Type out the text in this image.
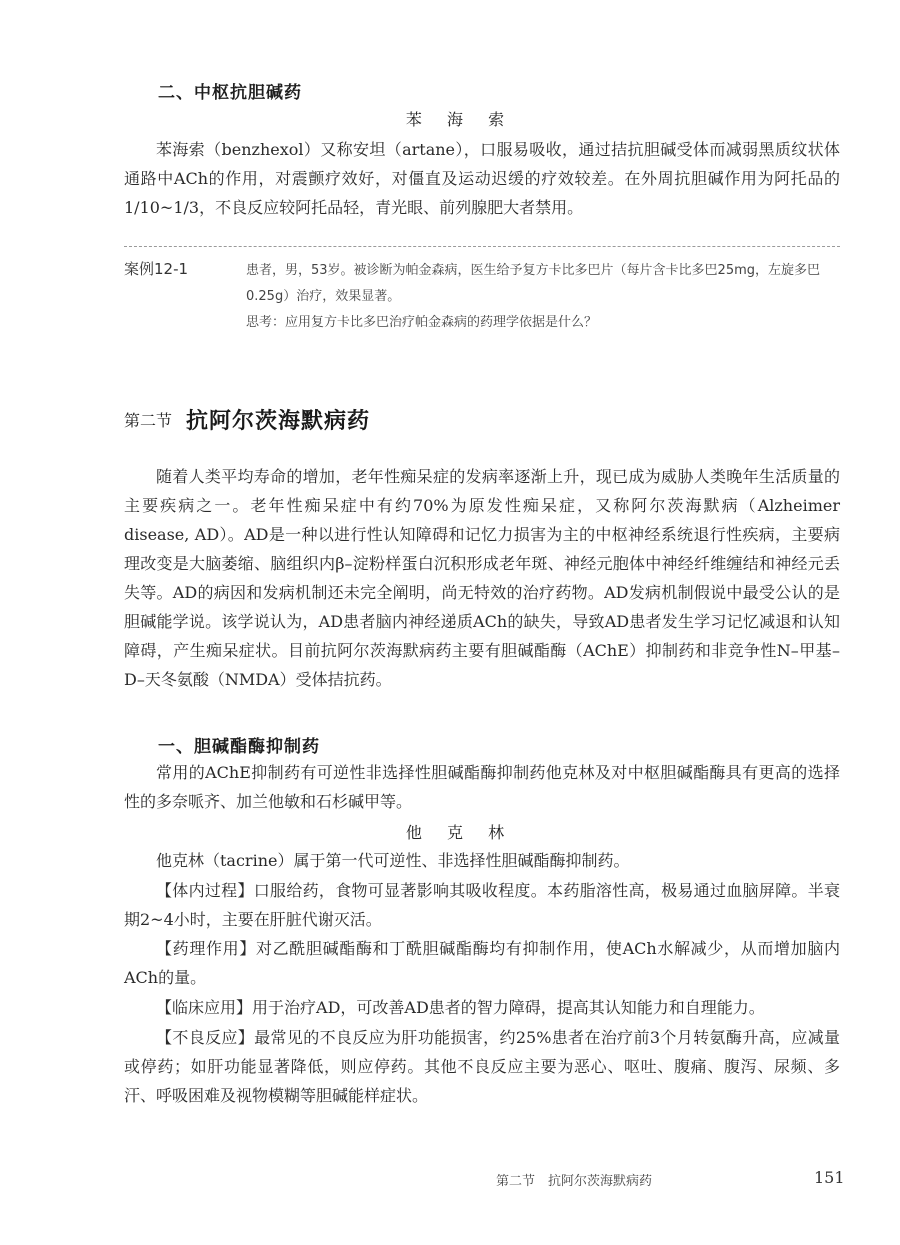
二、中枢抗胆碱药
苯 海 索
苯海索（benzhexol）又称安坦（artane），口服易吸收，通过拮抗胆碱受体而减弱黑质纹状体通路中ACh的作用，对震颤疗效好，对僵直及运动迟缓的疗效较差。在外周抗胆碱作用为阿托品的1/10~1/3，不良反应较阿托品轻，青光眼、前列腺肥大者禁用。
案例12-1	患者，男，53岁。被诊断为帕金森病，医生给予复方卡比多巴片（每片含卡比多巴25mg，左旋多巴0.25g）治疗，效果显著。
思考：应用复方卡比多巴治疗帕金森病的药理学依据是什么？
第二节 抗阿尔茨海默病药
随着人类平均寿命的增加，老年性痴呆症的发病率逐渐上升，现已成为威胁人类晚年生活质量的主要疾病之一。老年性痴呆症中有约70%为原发性痴呆症，又称阿尔茨海默病（Alzheimer disease, AD）。AD是一种以进行性认知障碍和记忆力损害为主的中枢神经系统退行性疾病，主要病理改变是大脑萎缩、脑组织内β–淀粉样蛋白沉积形成老年斑、神经元胞体中神经纤维缠结和神经元丢失等。AD的病因和发病机制还未完全阐明，尚无特效的治疗药物。AD发病机制假说中最受公认的是胆碱能学说。该学说认为，AD患者脑内神经递质ACh的缺失，导致AD患者发生学习记忆减退和认知障碍，产生痴呆症状。目前抗阿尔茨海默病药主要有胆碱酯酶（AChE）抑制药和非竞争性N–甲基–D–天冬氨酸（NMDA）受体拮抗药。
一、胆碱酯酶抑制药
常用的AChE抑制药有可逆性非选择性胆碱酯酶抑制药他克林及对中枢胆碱酯酶具有更高的选择性的多奈哌齐、加兰他敏和石杉碱甲等。
他 克 林
他克林（tacrine）属于第一代可逆性、非选择性胆碱酯酶抑制药。
【体内过程】口服给药，食物可显著影响其吸收程度。本药脂溶性高，极易通过血脑屏障。半衰期2~4小时，主要在肝脏代谢灭活。
【药理作用】对乙酰胆碱酯酶和丁酰胆碱酯酶均有抑制作用，使ACh水解减少，从而增加脑内ACh的量。
【临床应用】用于治疗AD，可改善AD患者的智力障碍，提高其认知能力和自理能力。
【不良反应】最常见的不良反应为肝功能损害，约25%患者在治疗前3个月转氨酶升高，应减量或停药；如肝功能显著降低，则应停药。其他不良反应主要为恶心、呕吐、腹痛、腹泻、尿频、多汗、呼吸困难及视物模糊等胆碱能样症状。
第二节　抗阿尔茨海默病药	151
